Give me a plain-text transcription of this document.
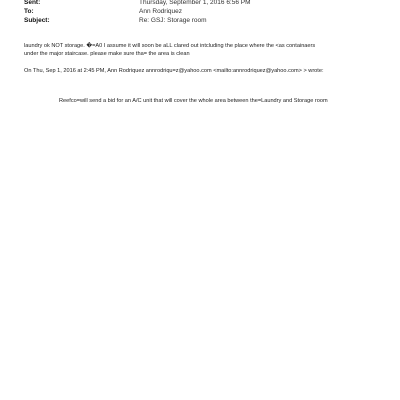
Sent:	Thursday, September 1, 2016 6:56 PM
To:	Ann Rodriquez
Subject:	Re: GSJ: Storage room
laundry ok NOT storage. �=A0 I assume it will soon be aLL clared out intcluding the place where the <as containaers
under the major staircase. please make sure tha= the area is clean
On Thu, Sep 1, 2016 at 2:45 PM, Ann Rodriquez annrodriqu=z@yahoo.com <mailto:annrodriquez@yahoo.com> > wrote:
Reefco=will send a bid for an A/C unit that will cover the whole area between the=Laundry and Storage room
